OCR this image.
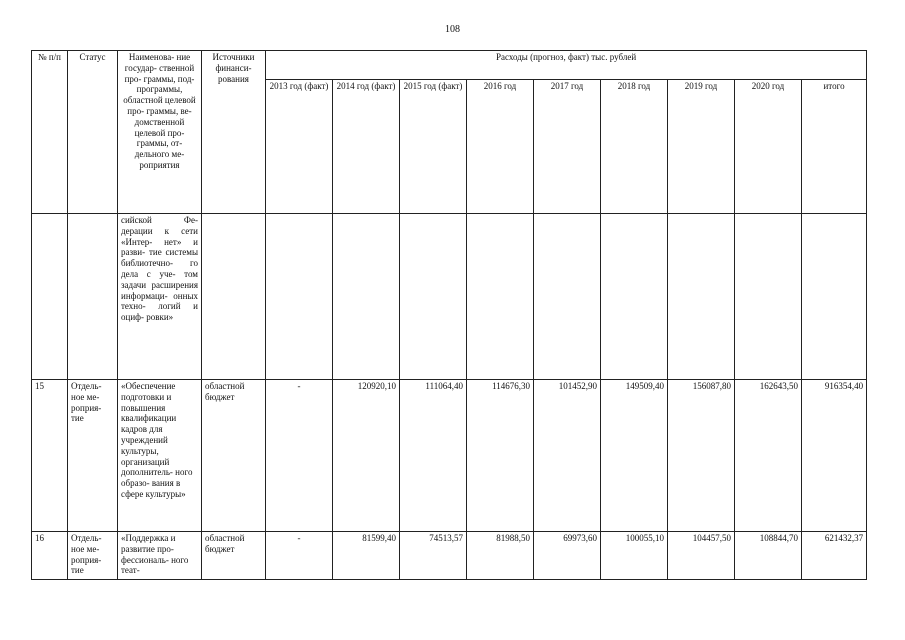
108
№ п/п	Статус	Наименова- ние государ- ственной про- граммы, под- программы, областной целевой про- граммы, ве- домственной целевой про- граммы, от- дельного ме- роприятия	Источники финанси- рования	Расходы (прогноз, факт) тыс. рублей								
				2013 год (факт)	2014 год (факт)	2015 год (факт)	2016 год	2017 год	2018 год	2019 год	2020 год	итого
		сийской Фе- дерации к сети «Интер- нет» и разви- тие системы библиотечно- го дела с уче- том задачи расширения информаци- онных техно- логий и оциф- ровки»										
15	Отдель- ное ме- роприя- тие	«Обеспечение подготовки и повышения квалификации кадров для учреждений культуры, организаций дополнитель- ного образо- вания в сфере культуры»	областной бюджет	-	120920,10	111064,40	114676,30	101452,90	149509,40	156087,80	162643,50	916354,40
16	Отдель- ное ме- роприя- тие	«Поддержка и развитие про- фессиональ- ного теат-	областной бюджет	-	81599,40	74513,57	81988,50	69973,60	100055,10	104457,50	108844,70	621432,37
